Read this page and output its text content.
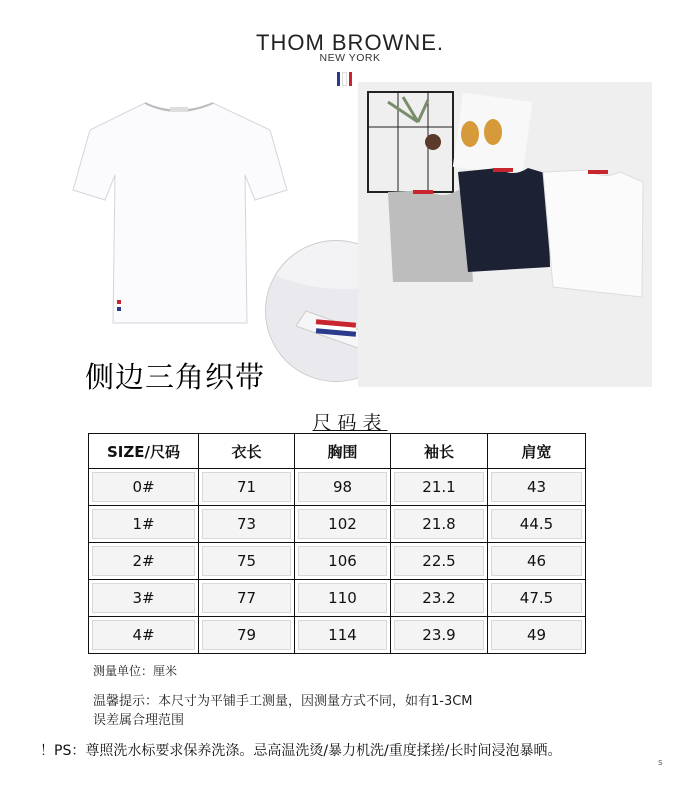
THOM BROWNE.
NEW YORK
侧边三角织带
尺码表
SIZE/尺码	衣长	胸围	袖长	肩宽

0#	71	98	21.1	43

1#	73	102	21.8	44.5

2#	75	106	22.5	46

3#	77	110	23.2	47.5

4#	79	114	23.9	49
测量单位：厘米
温馨提示：本尺寸为平铺手工测量，因测量方式不同，如有1-3CM
误差属合理范围
！PS：尊照洗水标要求保养洗涤。忌高温洗烫/暴力机洗/重度揉搓/长时间浸泡暴晒。
s
